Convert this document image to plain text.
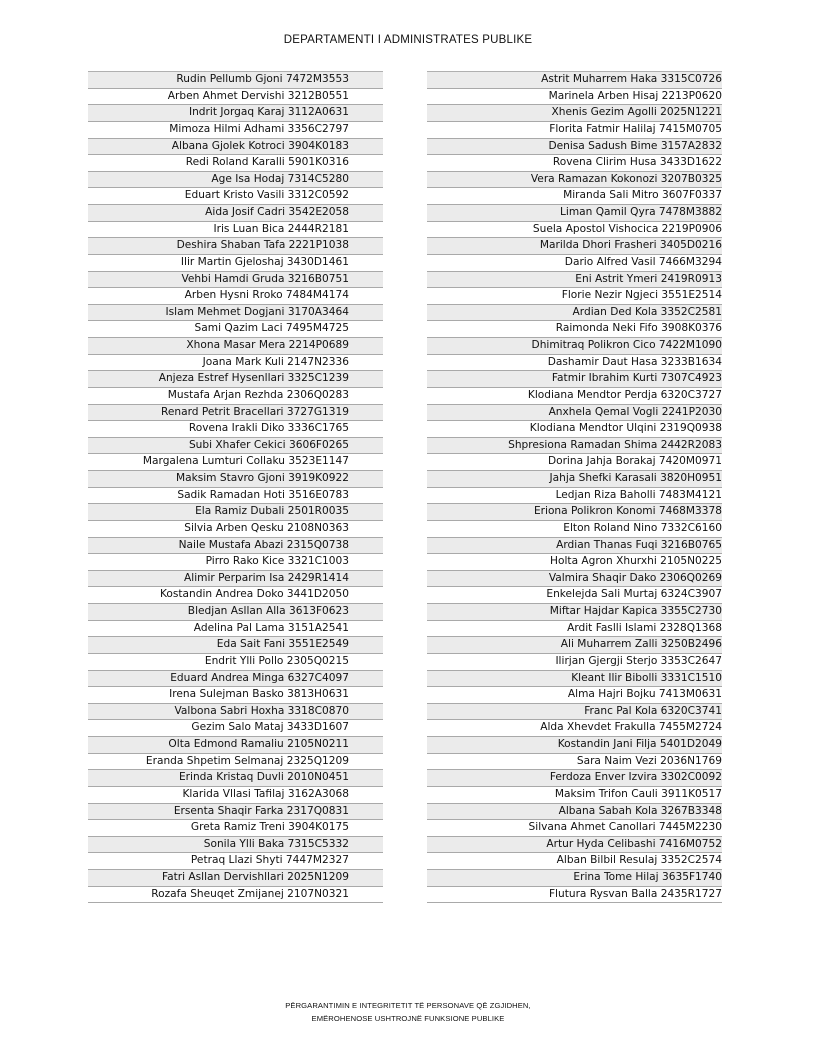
DEPARTAMENTI I ADMINISTRATES PUBLIKE
Rudin Pellumb Gjoni 7472M3553
Arben Ahmet Dervishi 3212B0551
Indrit Jorgaq Karaj 3112A0631
Mimoza Hilmi Adhami 3356C2797
Albana Gjolek Kotroci 3904K0183
Redi Roland Karalli 5901K0316
Age Isa Hodaj 7314C5280
Eduart Kristo Vasili 3312C0592
Aida Josif Cadri 3542E2058
Iris Luan Bica 2444R2181
Deshira Shaban Tafa 2221P1038
Ilir Martin Gjeloshaj 3430D1461
Vehbi Hamdi Gruda 3216B0751
Arben Hysni Rroko 7484M4174
Islam Mehmet Dogjani 3170A3464
Sami Qazim Laci 7495M4725
Xhona Masar Mera 2214P0689
Joana Mark Kuli 2147N2336
Anjeza Estref Hysenllari 3325C1239
Mustafa Arjan Rezhda 2306Q0283
Renard Petrit Bracellari 3727G1319
Rovena Irakli Diko 3336C1765
Subi Xhafer Cekici 3606F0265
Margalena Lumturi Collaku 3523E1147
Maksim Stavro Gjoni 3919K0922
Sadik Ramadan Hoti 3516E0783
Ela Ramiz Dubali 2501R0035
Silvia Arben Qesku 2108N0363
Naile Mustafa Abazi 2315Q0738
Pirro Rako Kice 3321C1003
Alimir Perparim Isa 2429R1414
Kostandin Andrea Doko 3441D2050
Bledjan Asllan Alla 3613F0623
Adelina Pal Lama 3151A2541
Eda Sait Fani 3551E2549
Endrit Ylli Pollo 2305Q0215
Eduard Andrea Minga 6327C4097
Irena Sulejman Basko 3813H0631
Valbona Sabri Hoxha 3318C0870
Gezim Salo Mataj 3433D1607
Olta Edmond Ramaliu 2105N0211
Eranda Shpetim Selmanaj 2325Q1209
Erinda Kristaq Duvli 2010N0451
Klarida Vllasi Tafilaj 3162A3068
Ersenta Shaqir Farka 2317Q0831
Greta Ramiz Treni 3904K0175
Sonila Ylli Baka 7315C5332
Petraq Llazi Shyti 7447M2327
Fatri Asllan Dervishllari 2025N1209
Rozafa Sheuqet Zmijanej 2107N0321
Astrit Muharrem Haka 3315C0726
Marinela Arben Hisaj 2213P0620
Xhenis Gezim Agolli 2025N1221
Florita Fatmir Halilaj 7415M0705
Denisa Sadush Bime 3157A2832
Rovena Clirim Husa 3433D1622
Vera Ramazan Kokonozi 3207B0325
Miranda Sali Mitro 3607F0337
Liman Qamil Qyra 7478M3882
Suela Apostol Vishocica 2219P0906
Marilda Dhori Frasheri 3405D0216
Dario Alfred Vasil 7466M3294
Eni Astrit Ymeri 2419R0913
Florie Nezir Ngjeci 3551E2514
Ardian Ded Kola 3352C2581
Raimonda Neki Fifo 3908K0376
Dhimitraq Polikron Cico 7422M1090
Dashamir Daut Hasa 3233B1634
Fatmir Ibrahim Kurti 7307C4923
Klodiana Mendtor Perdja 6320C3727
Anxhela Qemal Vogli 2241P2030
Klodiana Mendtor Ulqini 2319Q0938
Shpresiona Ramadan Shima 2442R2083
Dorina Jahja Borakaj 7420M0971
Jahja Shefki Karasali 3820H0951
Ledjan Riza Baholli 7483M4121
Eriona Polikron Konomi 7468M3378
Elton Roland Nino 7332C6160
Ardian Thanas Fuqi 3216B0765
Holta Agron Xhurxhi 2105N0225
Valmira Shaqir Dako 2306Q0269
Enkelejda Sali Murtaj 6324C3907
Miftar Hajdar Kapica 3355C2730
Ardit Faslli Islami 2328Q1368
Ali Muharrem Zalli 3250B2496
Ilirjan Gjergji Sterjo 3353C2647
Kleant Ilir Bibolli 3331C1510
Alma Hajri Bojku 7413M0631
Franc Pal Kola 6320C3741
Alda Xhevdet Frakulla 7455M2724
Kostandin Jani Filja 5401D2049
Sara Naim Vezi 2036N1769
Ferdoza Enver Izvira 3302C0092
Maksim Trifon Cauli 3911K0517
Albana Sabah Kola 3267B3348
Silvana Ahmet Canollari 7445M2230
Artur Hyda Celibashi 7416M0752
Alban Bilbil Resulaj 3352C2574
Erina Tome Hilaj 3635F1740
Flutura Rysvan Balla 2435R1727
PËRGARANTIMIN E INTEGRITETIT TË PERSONAVE QË ZGJIDHEN,
EMËROHENOSE USHTROJNË FUNKSIONE PUBLIKE
